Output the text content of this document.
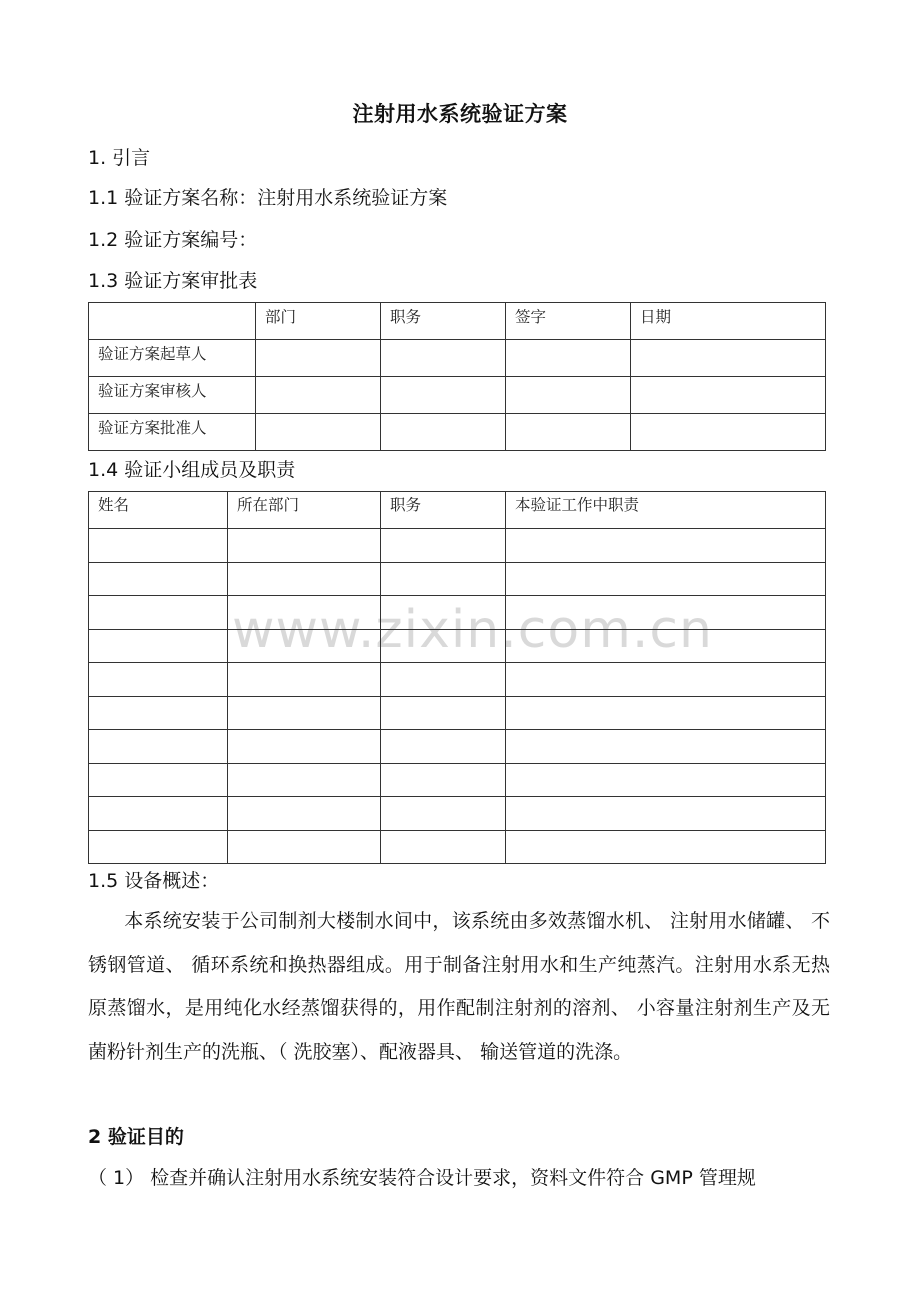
www.zixin.com.cn
注射用水系统验证方案
1. 引言
1.1 验证方案名称：注射用水系统验证方案
1.2 验证方案编号：
1.3 验证方案审批表
	部门	职务	签字	日期
验证方案起草人				
验证方案审核人				
验证方案批准人				
1.4 验证小组成员及职责
姓名	所在部门	职务	本验证工作中职责

1.5 设备概述：
本系统安装于公司制剂大楼制水间中，该系统由多效蒸馏水机、 注射用水储罐、 不锈钢管道、 循环系统和换热器组成。用于制备注射用水和生产纯蒸汽。注射用水系无热原蒸馏水，是用纯化水经蒸馏获得的，用作配制注射剂的溶剂、 小容量注射剂生产及无菌粉针剂生产的洗瓶、（ 洗胶塞）、配液器具、 输送管道的洗涤。
2 验证目的
（ 1） 检查并确认注射用水系统安装符合设计要求，资料文件符合 GMP 管理规
